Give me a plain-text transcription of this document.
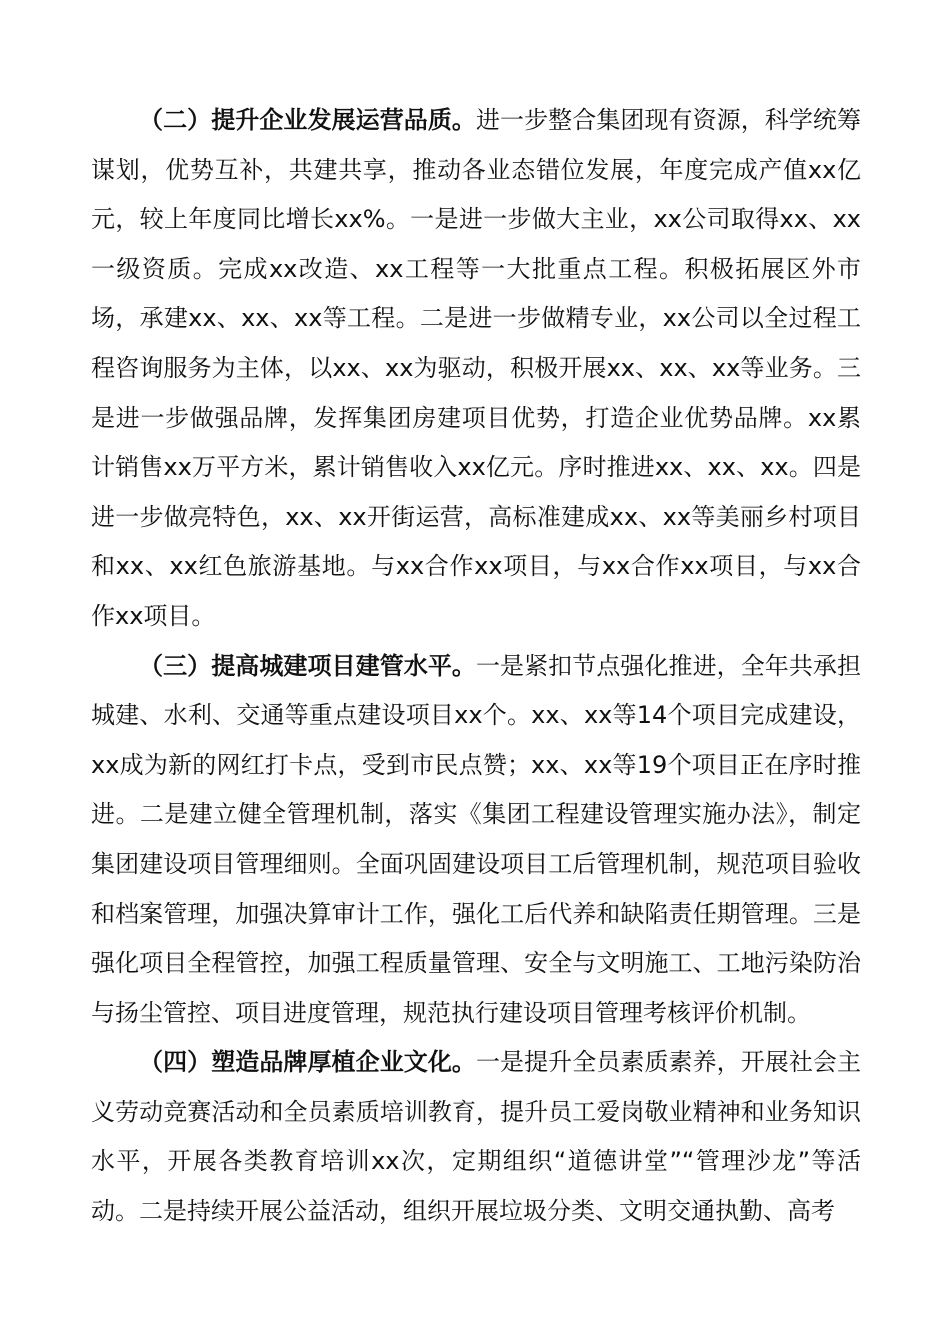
（二）提升企业发展运营品质。进一步整合集团现有资源，科学统筹谋划，优势互补，共建共享，推动各业态错位发展，年度完成产值xx亿元，较上年度同比增长xx%。一是进一步做大主业，xx公司取得xx、xx一级资质。完成xx改造、xx工程等一大批重点工程。积极拓展区外市场，承建xx、xx、xx等工程。二是进一步做精专业，xx公司以全过程工程咨询服务为主体，以xx、xx为驱动，积极开展xx、xx、xx等业务。三是进一步做强品牌，发挥集团房建项目优势，打造企业优势品牌。xx累计销售xx万平方米，累计销售收入xx亿元。序时推进xx、xx、xx。四是进一步做亮特色，xx、xx开街运营，高标准建成xx、xx等美丽乡村项目和xx、xx红色旅游基地。与xx合作xx项目，与xx合作xx项目，与xx合作xx项目。

（三）提高城建项目建管水平。一是紧扣节点强化推进，全年共承担城建、水利、交通等重点建设项目xx个。xx、xx等14个项目完成建设，xx成为新的网红打卡点，受到市民点赞；xx、xx等19个项目正在序时推进。二是建立健全管理机制，落实《集团工程建设管理实施办法》，制定集团建设项目管理细则。全面巩固建设项目工后管理机制，规范项目验收和档案管理，加强决算审计工作，强化工后代养和缺陷责任期管理。三是强化项目全程管控，加强工程质量管理、安全与文明施工、工地污染防治与扬尘管控、项目进度管理，规范执行建设项目管理考核评价机制。

（四）塑造品牌厚植企业文化。一是提升全员素质素养，开展社会主义劳动竞赛活动和全员素质培训教育，提升员工爱岗敬业精神和业务知识水平，开展各类教育培训xx次，定期组织“道德讲堂”“管理沙龙”等活动。二是持续开展公益活动，组织开展垃圾分类、文明交通执勤、高考
